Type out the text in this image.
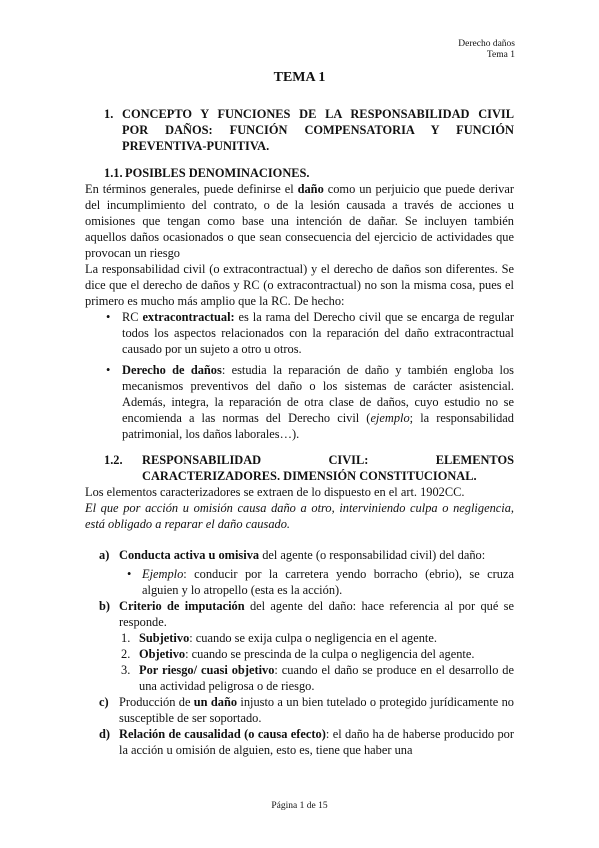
Derecho daños
Tema 1
TEMA 1
1. CONCEPTO Y FUNCIONES DE LA RESPONSABILIDAD CIVIL
POR DAÑOS: FUNCIÓN COMPENSATORIA Y FUNCIÓN
PREVENTIVA-PUNITIVA.
1.1. POSIBLES DENOMINACIONES.
En términos generales, puede definirse el daño como un perjuicio que puede derivar del incumplimiento del contrato, o de la lesión causada a través de acciones u omisiones que tengan como base una intención de dañar. Se incluyen también aquellos daños ocasionados o que sean consecuencia del ejercicio de actividades que provocan un riesgo
La responsabilidad civil (o extracontractual) y el derecho de daños son diferentes. Se dice que el derecho de daños y RC (o extracontractual) no son la misma cosa, pues el primero es mucho más amplio que la RC. De hecho:
• RC extracontractual: es la rama del Derecho civil que se encarga de regular todos los aspectos relacionados con la reparación del daño extracontractual causado por un sujeto a otro u otros.
• Derecho de daños: estudia la reparación de daño y también engloba los mecanismos preventivos del daño o los sistemas de carácter asistencial. Además, integra, la reparación de otra clase de daños, cuyo estudio no se encomienda a las normas del Derecho civil (ejemplo; la responsabilidad patrimonial, los daños laborales…).
1.2. RESPONSABILIDAD CIVIL: ELEMENTOS
CARACTERIZADORES. DIMENSIÓN CONSTITUCIONAL.
Los elementos caracterizadores se extraen de lo dispuesto en el art. 1902CC.
El que por acción u omisión causa daño a otro, interviniendo culpa o negligencia, está obligado a reparar el daño causado.
a) Conducta activa u omisiva del agente (o responsabilidad civil) del daño:
• Ejemplo: conducir por la carretera yendo borracho (ebrio), se cruza alguien y lo atropello (esta es la acción).
b) Criterio de imputación del agente del daño: hace referencia al por qué se responde.
1. Subjetivo: cuando se exija culpa o negligencia en el agente.
2. Objetivo: cuando se prescinda de la culpa o negligencia del agente.
3. Por riesgo/ cuasi objetivo: cuando el daño se produce en el desarrollo de una actividad peligrosa o de riesgo.
c) Producción de un daño injusto a un bien tutelado o protegido jurídicamente no susceptible de ser soportado.
d) Relación de causalidad (o causa efecto): el daño ha de haberse producido por la acción u omisión de alguien, esto es, tiene que haber una
Página 1 de 15
